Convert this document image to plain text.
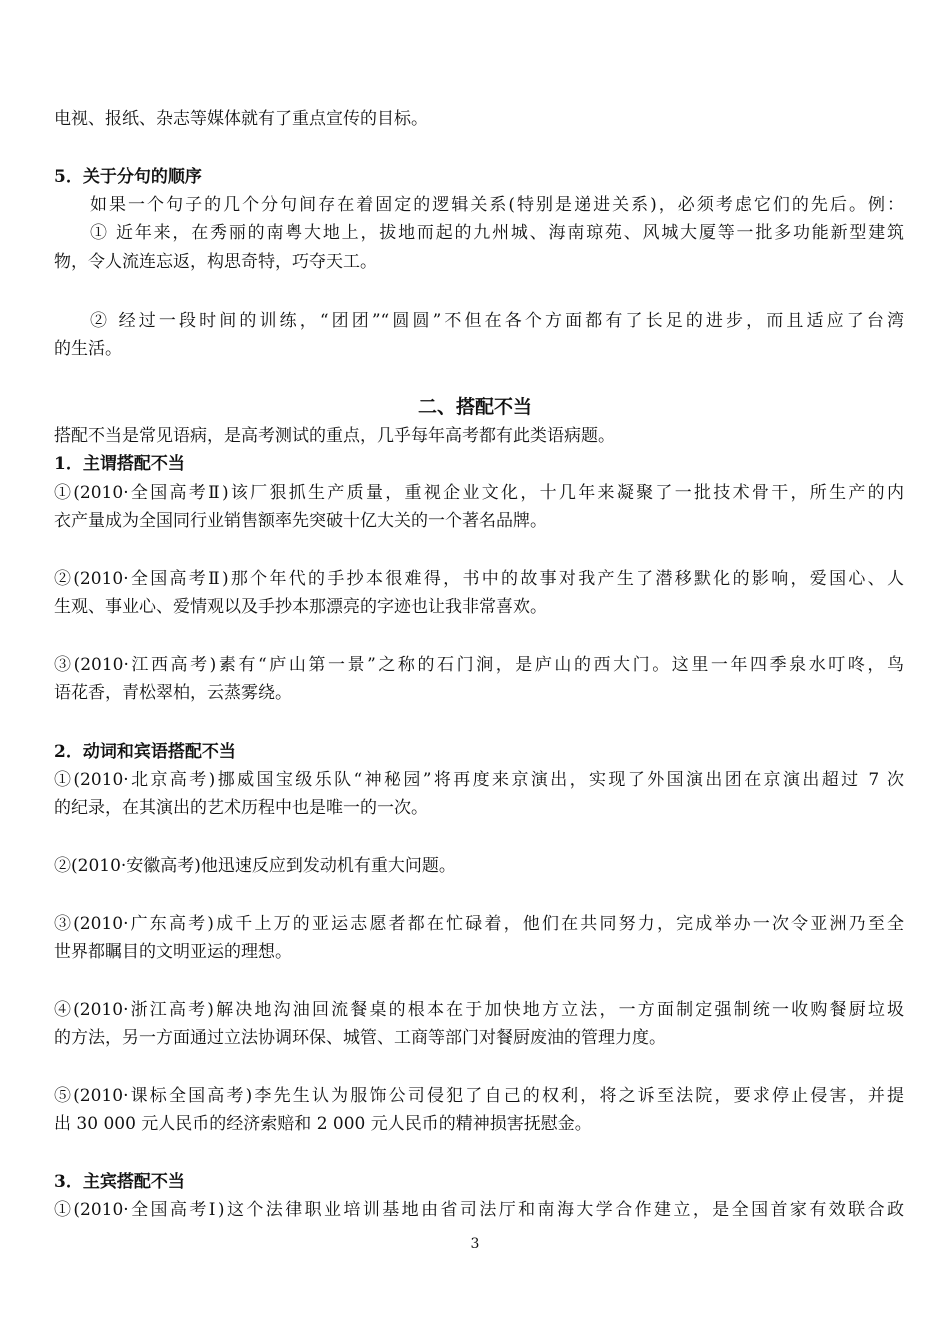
电视、报纸、杂志等媒体就有了重点宣传的目标。
5．关于分句的顺序
如果一个句子的几个分句间存在着固定的逻辑关系(特别是递进关系)，必须考虑它们的先后。例：
① 近年来，在秀丽的南粤大地上，拔地而起的九州城、海南琼苑、风城大厦等一批多功能新型建筑
物，令人流连忘返，构思奇特，巧夺天工。
② 经过一段时间的训练，“团团”“圆圆”不但在各个方面都有了长足的进步，而且适应了台湾
的生活。
二、搭配不当
搭配不当是常见语病，是高考测试的重点，几乎每年高考都有此类语病题。
1．主谓搭配不当
①(2010·全国高考Ⅱ)该厂狠抓生产质量，重视企业文化，十几年来凝聚了一批技术骨干，所生产的内
衣产量成为全国同行业销售额率先突破十亿大关的一个著名品牌。
②(2010·全国高考Ⅱ)那个年代的手抄本很难得，书中的故事对我产生了潜移默化的影响，爱国心、人
生观、事业心、爱情观以及手抄本那漂亮的字迹也让我非常喜欢。
③(2010·江西高考)素有“庐山第一景”之称的石门涧，是庐山的西大门。这里一年四季泉水叮咚，鸟
语花香，青松翠柏，云蒸雾绕。
2．动词和宾语搭配不当
①(2010·北京高考)挪威国宝级乐队“神秘园”将再度来京演出，实现了外国演出团在京演出超过 7 次
的纪录，在其演出的艺术历程中也是唯一的一次。
②(2010·安徽高考)他迅速反应到发动机有重大问题。
③(2010·广东高考)成千上万的亚运志愿者都在忙碌着，他们在共同努力，完成举办一次令亚洲乃至全
世界都瞩目的文明亚运的理想。
④(2010·浙江高考)解决地沟油回流餐桌的根本在于加快地方立法，一方面制定强制统一收购餐厨垃圾
的方法，另一方面通过立法协调环保、城管、工商等部门对餐厨废油的管理力度。
⑤(2010·课标全国高考)李先生认为服饰公司侵犯了自己的权利，将之诉至法院，要求停止侵害，并提
出 30 000 元人民币的经济索赔和 2 000 元人民币的精神损害抚慰金。
3．主宾搭配不当
①(2010·全国高考Ⅰ)这个法律职业培训基地由省司法厅和南海大学合作建立，是全国首家有效联合政
3
